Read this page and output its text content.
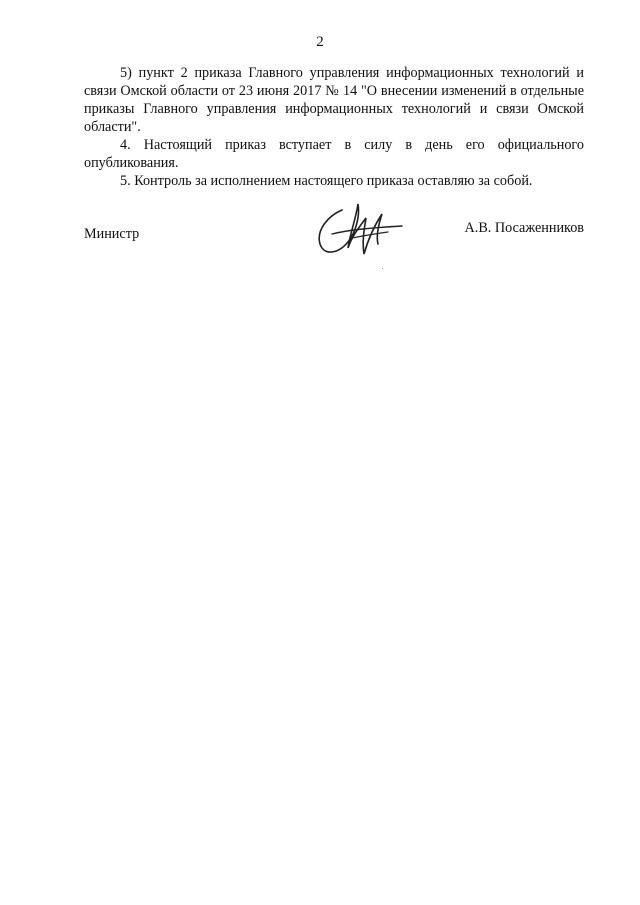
2

5) пункт 2 приказа Главного управления информационных технологий и связи Омской области от 23 июня 2017 № 14 "О внесении изменений в отдельные приказы Главного управления информационных технологий и связи Омской области".

4. Настоящий приказ вступает в силу в день его официального опубликования.

5. Контроль за исполнением настоящего приказа оставляю за собой.

Министр	А.В. Посаженников
